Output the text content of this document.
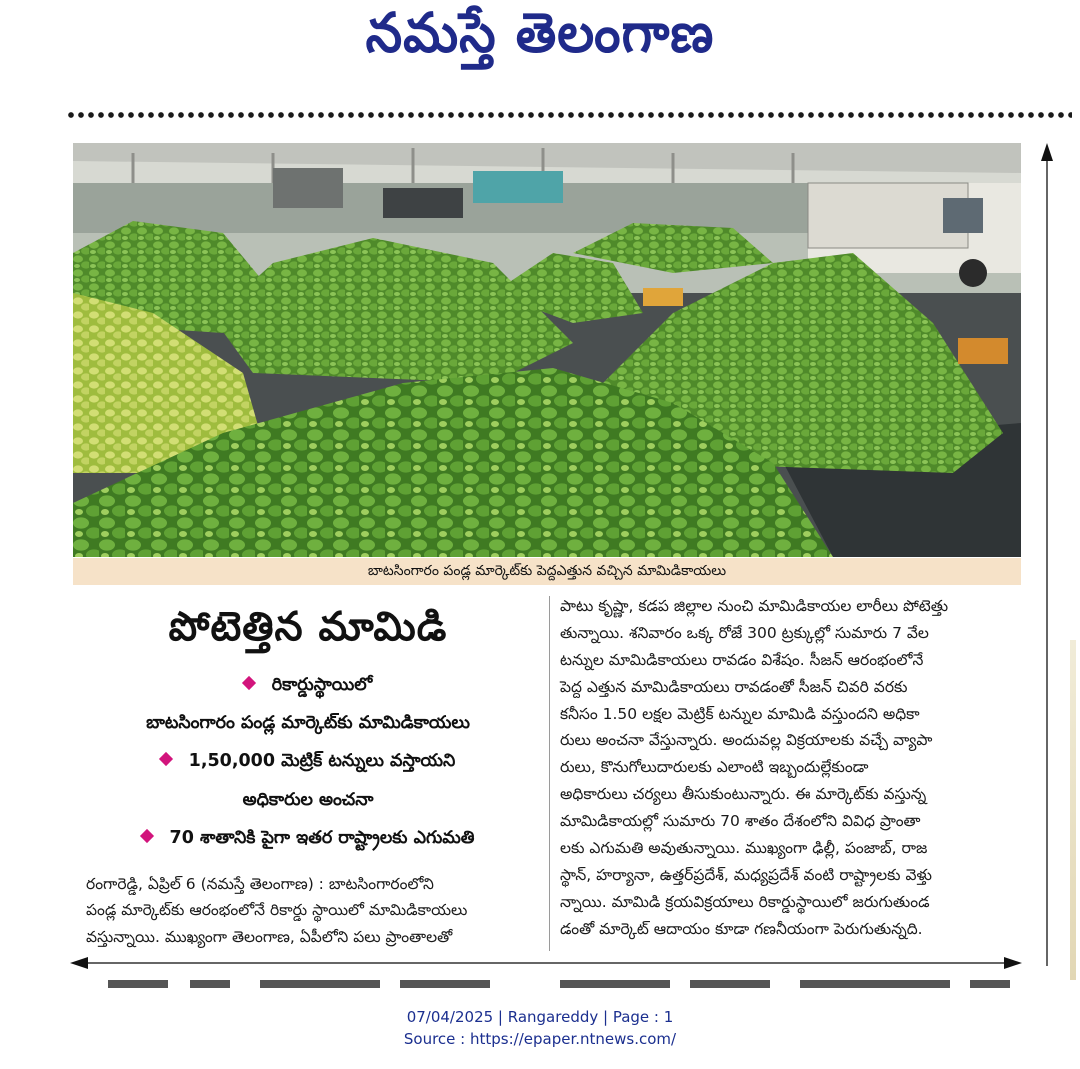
నమస్తే తెలంగాణ
బాటసింగారం పండ్ల మార్కెట్‌కు పెద్దఎత్తున వచ్చిన మామిడికాయలు
పోటెత్తిన మామిడి
రికార్డుస్థాయిలో
బాటసింగారం పండ్ల మార్కెట్‌కు మామిడికాయలు
1,50,000 మెట్రిక్ టన్నులు వస్తాయని
అధికారుల అంచనా
70 శాతానికి పైగా ఇతర రాష్ట్రాలకు ఎగుమతి
రంగారెడ్డి, ఏప్రిల్ 6 (నమస్తే తెలంగాణ) : బాటసింగారంలోని
పండ్ల మార్కెట్‌కు ఆరంభంలోనే రికార్డు స్థాయిలో మామిడికాయలు
వస్తున్నాయి. ముఖ్యంగా తెలంగాణ, ఏపీలోని పలు ప్రాంతాలతో
పాటు కృష్ణా, కడప జిల్లాల నుంచి మామిడికాయల లారీలు పోటెత్తు
తున్నాయి. శనివారం ఒక్క రోజే 300 ట్రక్కుల్లో సుమారు 7 వేల
టన్నుల మామిడికాయలు రావడం విశేషం. సీజన్ ఆరంభంలోనే
పెద్ద ఎత్తున మామిడికాయలు రావడంతో సీజన్ చివరి వరకు
కనీసం 1.50 లక్షల మెట్రిక్ టన్నుల మామిడి వస్తుందని అధికా
రులు అంచనా వేస్తున్నారు. అందువల్ల విక్రయాలకు వచ్చే వ్యాపా
రులు, కొనుగోలుదారులకు ఎలాంటి ఇబ్బందుల్లేకుండా
అధికారులు చర్యలు తీసుకుంటున్నారు. ఈ మార్కెట్‌కు వస్తున్న
మామిడికాయల్లో సుమారు 70 శాతం దేశంలోని వివిధ ప్రాంతా
లకు ఎగుమతి అవుతున్నాయి. ముఖ్యంగా ఢిల్లీ, పంజాబ్, రాజ
స్థాన్, హర్యానా, ఉత్తర్‌ప్రదేశ్, మధ్యప్రదేశ్ వంటి రాష్ట్రాలకు వెళ్తు
న్నాయి. మామిడి క్రయవిక్రయాలు రికార్డుస్థాయిలో జరుగుతుండ
డంతో మార్కెట్ ఆదాయం కూడా గణనీయంగా పెరుగుతున్నది.
07/04/2025 | Rangareddy | Page : 1
Source : https://epaper.ntnews.com/
